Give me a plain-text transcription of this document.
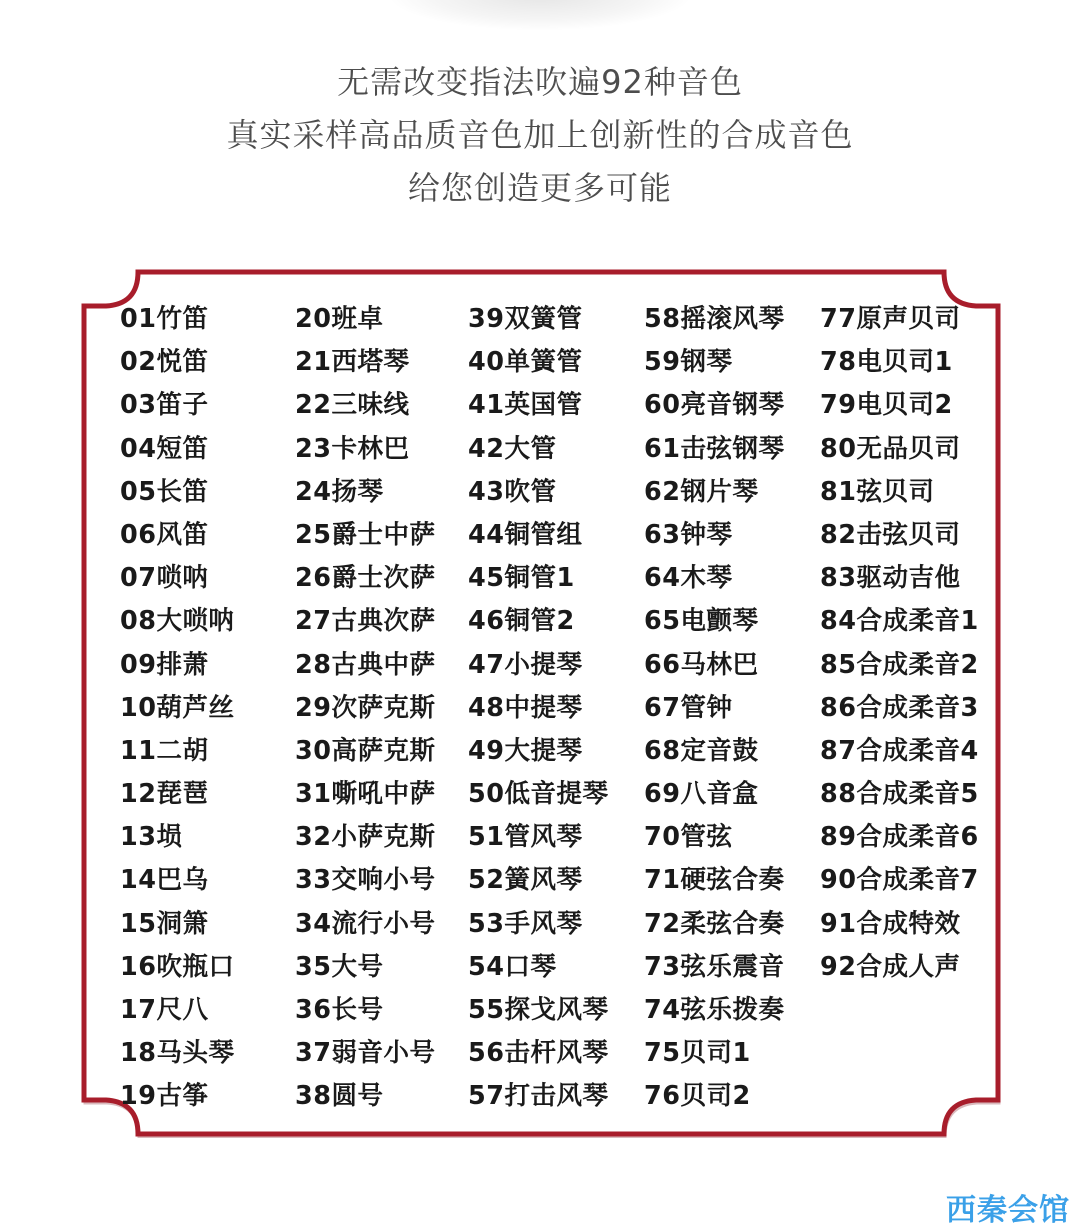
无需改变指法吹遍92种音色
真实采样高品质音色加上创新性的合成音色
给您创造更多可能
01竹笛
02悦笛
03笛子
04短笛
05长笛
06风笛
07唢呐
08大唢呐
09排萧
10葫芦丝
11二胡
12琵琶
13埙
14巴乌
15洞箫
16吹瓶口
17尺八
18马头琴
19古筝
20班卓
21西塔琴
22三味线
23卡林巴
24扬琴
25爵士中萨
26爵士次萨
27古典次萨
28古典中萨
29次萨克斯
30高萨克斯
31嘶吼中萨
32小萨克斯
33交响小号
34流行小号
35大号
36长号
37弱音小号
38圆号
39双簧管
40单簧管
41英国管
42大管
43吹管
44铜管组
45铜管1
46铜管2
47小提琴
48中提琴
49大提琴
50低音提琴
51管风琴
52簧风琴
53手风琴
54口琴
55探戈风琴
56击杆风琴
57打击风琴
58摇滚风琴
59钢琴
60亮音钢琴
61击弦钢琴
62钢片琴
63钟琴
64木琴
65电颤琴
66马林巴
67管钟
68定音鼓
69八音盒
70管弦
71硬弦合奏
72柔弦合奏
73弦乐震音
74弦乐拨奏
75贝司1
76贝司2
77原声贝司
78电贝司1
79电贝司2
80无品贝司
81弦贝司
82击弦贝司
83驱动吉他
84合成柔音1
85合成柔音2
86合成柔音3
87合成柔音4
88合成柔音5
89合成柔音6
90合成柔音7
91合成特效
92合成人声
西秦会馆
